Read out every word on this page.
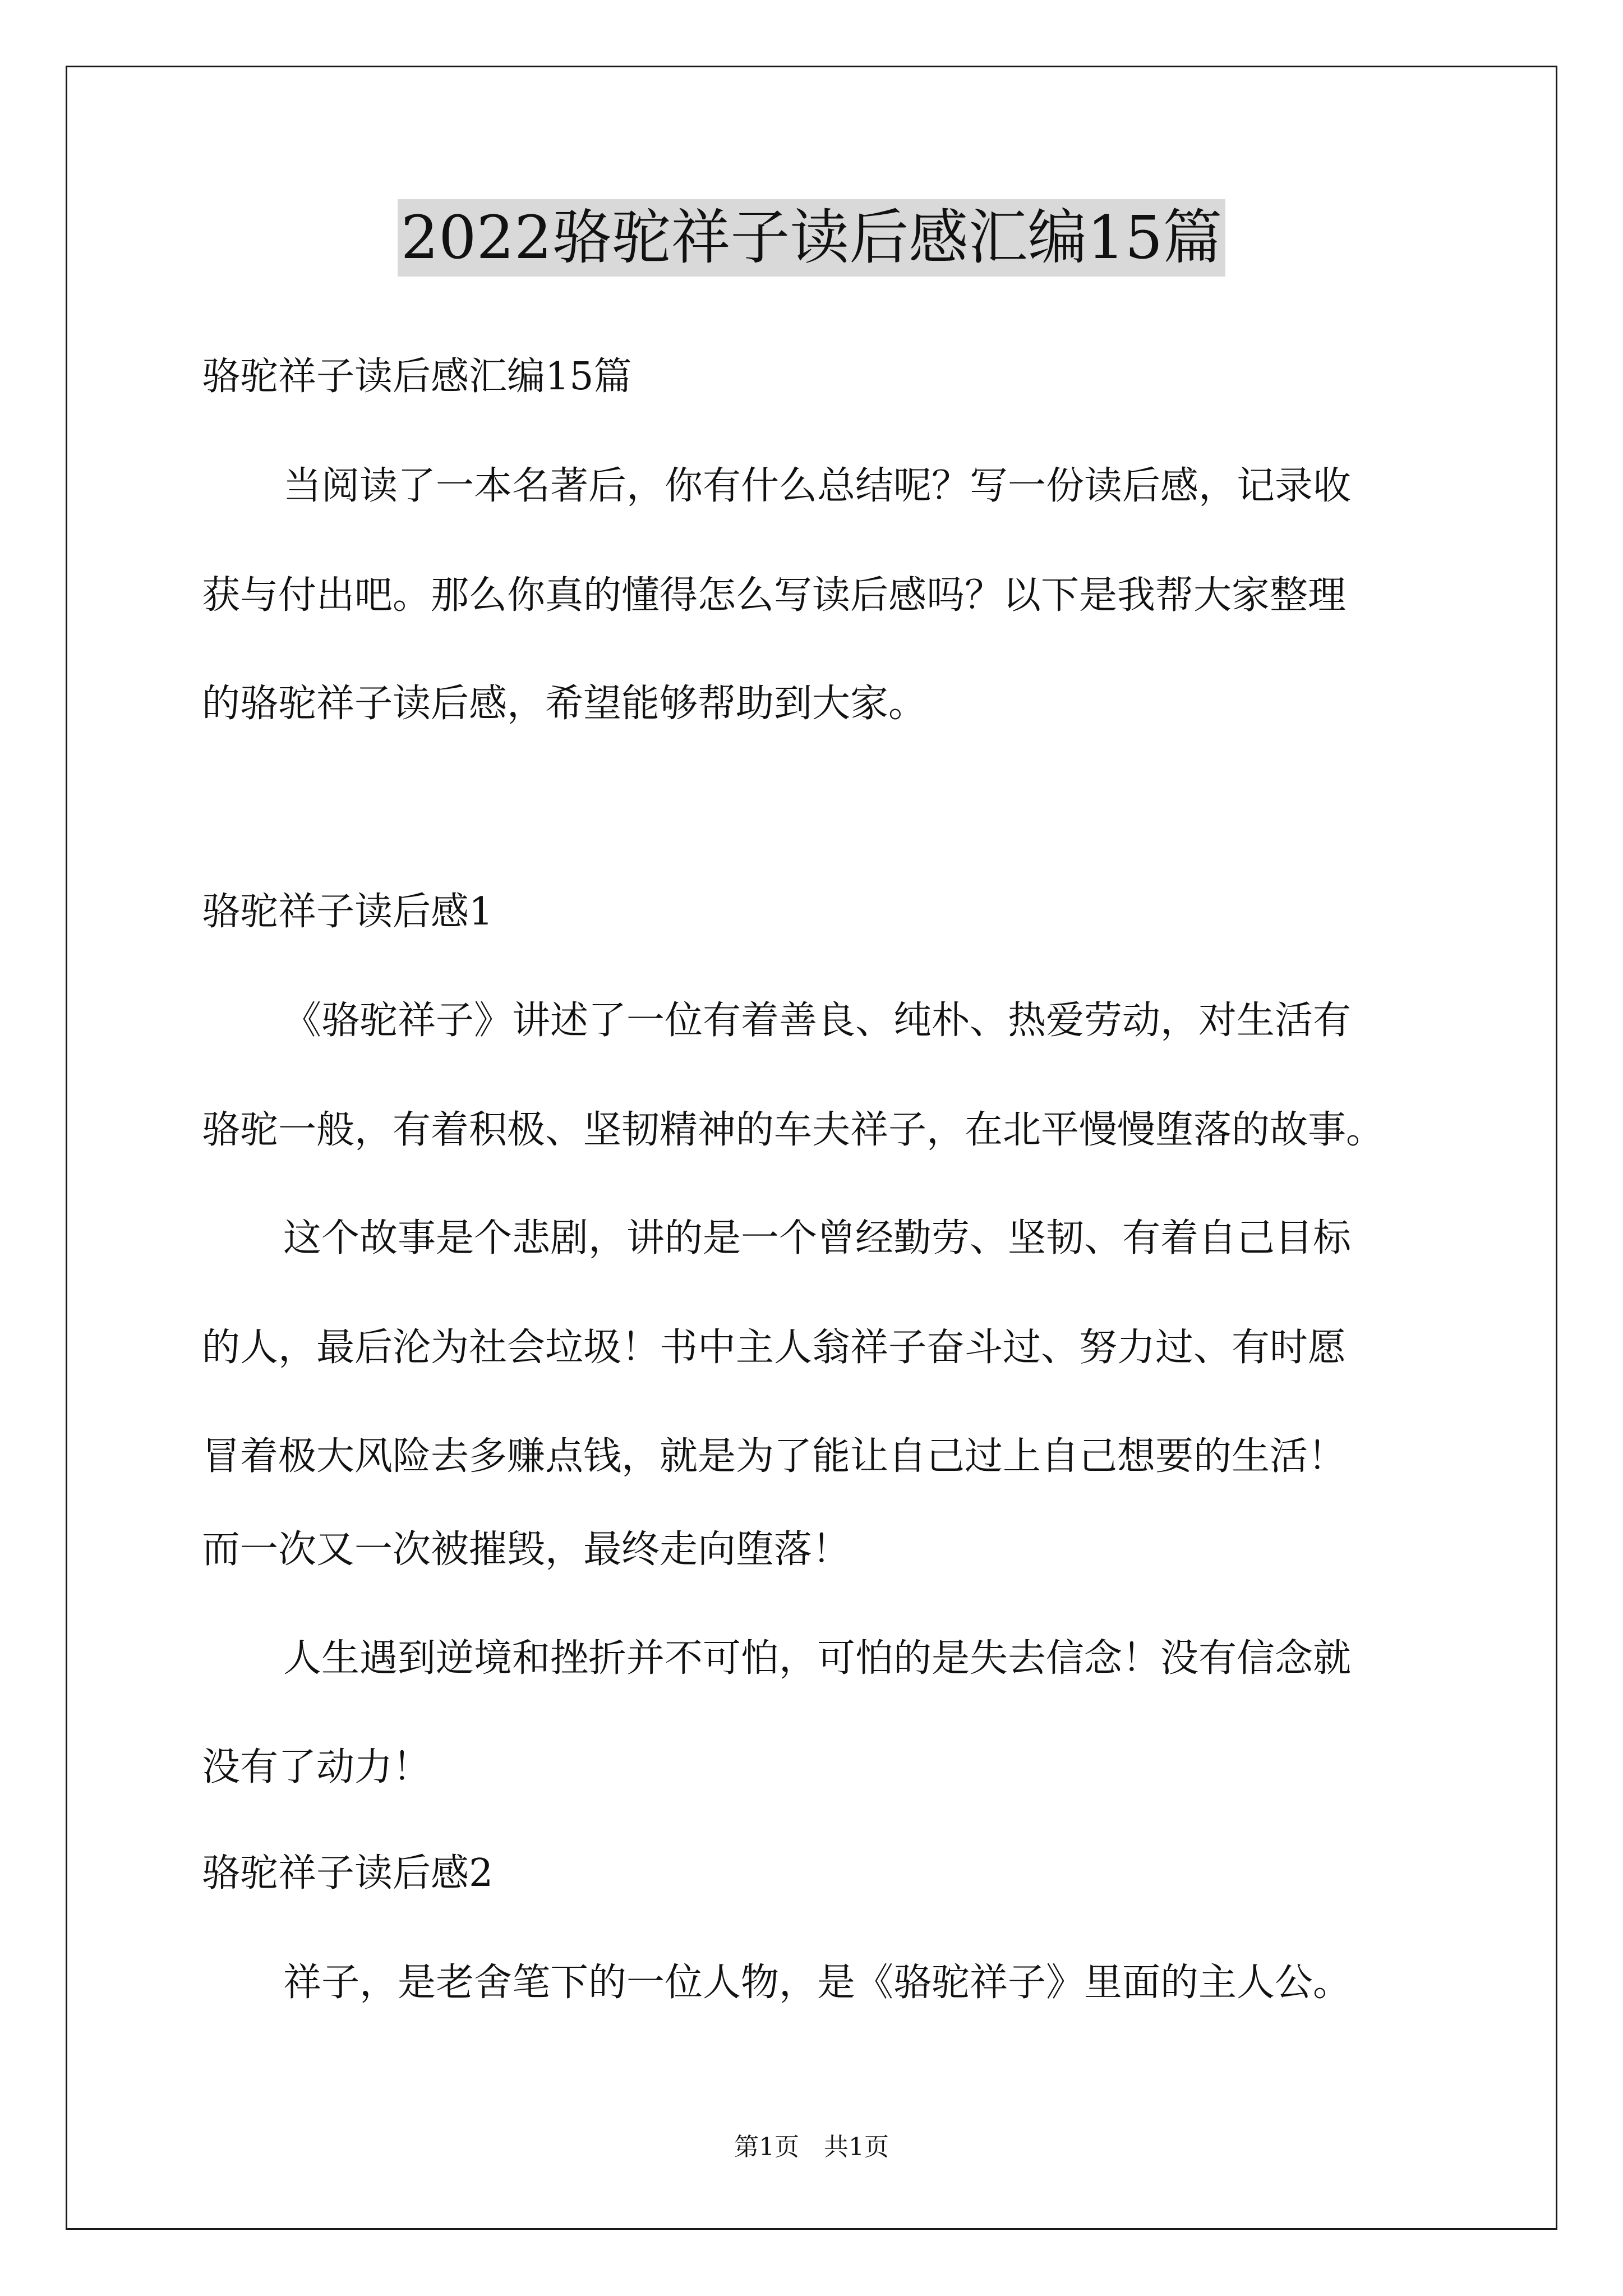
2022骆驼祥子读后感汇编15篇
骆驼祥子读后感汇编15篇
当阅读了一本名著后，你有什么总结呢？写一份读后感，记录收
获与付出吧。那么你真的懂得怎么写读后感吗？以下是我帮大家整理
的骆驼祥子读后感，希望能够帮助到大家。
骆驼祥子读后感1
《骆驼祥子》讲述了一位有着善良、纯朴、热爱劳动，对生活有
骆驼一般，有着积极、坚韧精神的车夫祥子，在北平慢慢堕落的故事。
这个故事是个悲剧，讲的是一个曾经勤劳、坚韧、有着自己目标
的人，最后沦为社会垃圾！书中主人翁祥子奋斗过、努力过、有时愿
冒着极大风险去多赚点钱，就是为了能让自己过上自己想要的生活！
而一次又一次被摧毁，最终走向堕落！
人生遇到逆境和挫折并不可怕，可怕的是失去信念！没有信念就
没有了动力！
骆驼祥子读后感2
祥子，是老舍笔下的一位人物，是《骆驼祥子》里面的主人公。
第1页　共1页
